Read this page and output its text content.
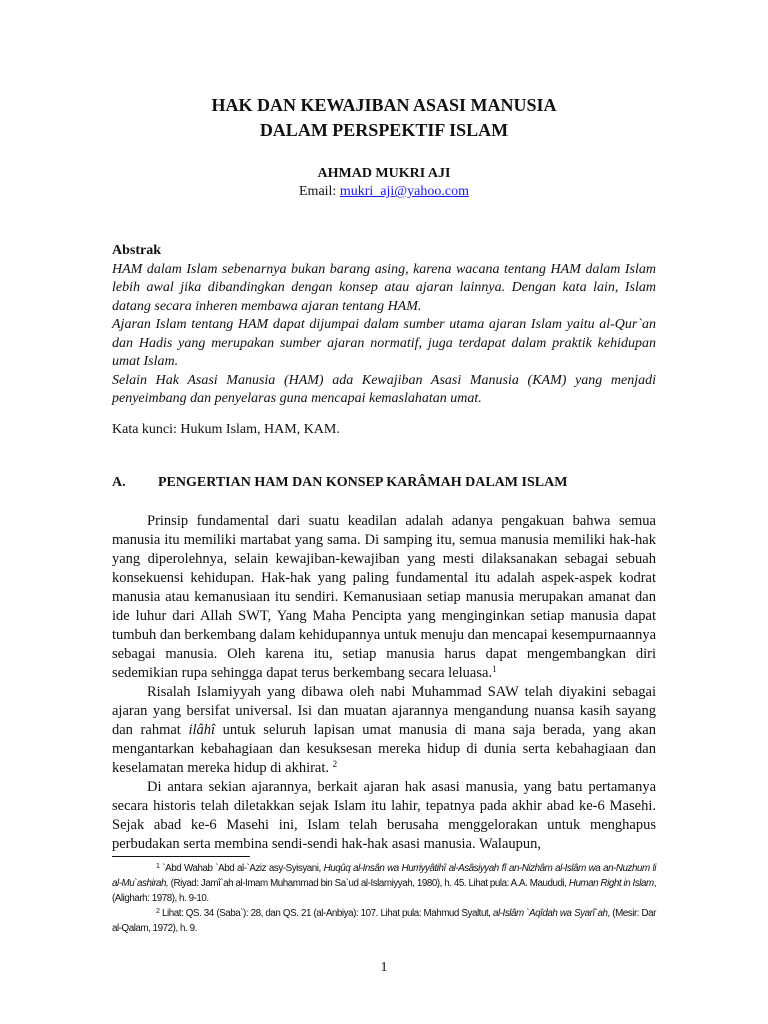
HAK DAN KEWAJIBAN ASASI MANUSIA
DALAM PERSPEKTIF ISLAM
AHMAD MUKRI AJI
Email: mukri_aji@yahoo.com
Abstrak

HAM dalam Islam sebenarnya bukan barang asing, karena wacana tentang HAM dalam Islam lebih awal jika dibandingkan dengan konsep atau ajaran lainnya. Dengan kata lain, Islam datang secara inheren membawa ajaran tentang HAM.

Ajaran Islam tentang HAM dapat dijumpai dalam sumber utama ajaran Islam yaitu al-Qur`an dan Hadis yang merupakan sumber ajaran normatif, juga terdapat dalam praktik kehidupan umat Islam.

Selain Hak Asasi Manusia (HAM) ada Kewajiban Asasi Manusia (KAM) yang menjadi penyeimbang dan penyelaras guna mencapai kemaslahatan umat.

Kata kunci: Hukum Islam, HAM, KAM.
A. PENGERTIAN HAM DAN KONSEP KARÂMAH DALAM ISLAM

Prinsip fundamental dari suatu keadilan adalah adanya pengakuan bahwa semua manusia itu memiliki martabat yang sama. Di samping itu, semua manusia memiliki hak-hak yang diperolehnya, selain kewajiban-kewajiban yang mesti dilaksanakan sebagai sebuah konsekuensi kehidupan. Hak-hak yang paling fundamental itu adalah aspek-aspek kodrat manusia atau kemanusiaan itu sendiri. Kemanusiaan setiap manusia merupakan amanat dan ide luhur dari Allah SWT, Yang Maha Pencipta yang menginginkan setiap manusia dapat tumbuh dan berkembang dalam kehidupannya untuk menuju dan mencapai kesempurnaannya sebagai manusia. Oleh karena itu, setiap manusia harus dapat mengembangkan diri sedemikian rupa sehingga dapat terus berkembang secara leluasa.$^1$

Risalah Islamiyyah yang dibawa oleh nabi Muhammad SAW telah diyakini sebagai ajaran yang bersifat universal. Isi dan muatan ajarannya mengandung nuansa kasih sayang dan rahmat ilâhî untuk seluruh lapisan umat manusia di mana saja berada, yang akan mengantarkan kebahagiaan dan kesuksesan mereka hidup di dunia serta kebahagiaan dan keselamatan mereka hidup di akhirat. $^2$

Di antara sekian ajarannya, berkait ajaran hak asasi manusia, yang batu pertamanya secara historis telah diletakkan sejak Islam itu lahir, tepatnya pada akhir abad ke-6 Masehi. Sejak abad ke-6 Masehi ini, Islam telah berusaha menggelorakan untuk menghapus perbudakan serta membina sendi-sendi hak-hak asasi manusia. Walaupun,

$^1$ `Abd Wahab `Abd al-`Aziz asy-Syisyani, Huqûq al-Insân wa Hurriyyâtihî al-Asâsiyyah fî an-Nizhâm al-Islâm wa an-Nuzhum li al-Mu`ashirah, (Riyad: Jamî`ah al-Imam Muhammad bin Sa`ud al-Islamiyyah, 1980), h. 45. Lihat pula: A.A. Maududi, Human Right in Islam, (Aligharh: 1978), h. 9-10.
$^2$ Lihat: QS. 34 (Saba`): 28, dan QS. 21 (al-Anbiya): 107. Lihat pula: Mahmud Syaltut, al-Islâm `Aqîdah wa Syarî`ah, (Mesir: Dar al-Qalam, 1972), h. 9.
1
